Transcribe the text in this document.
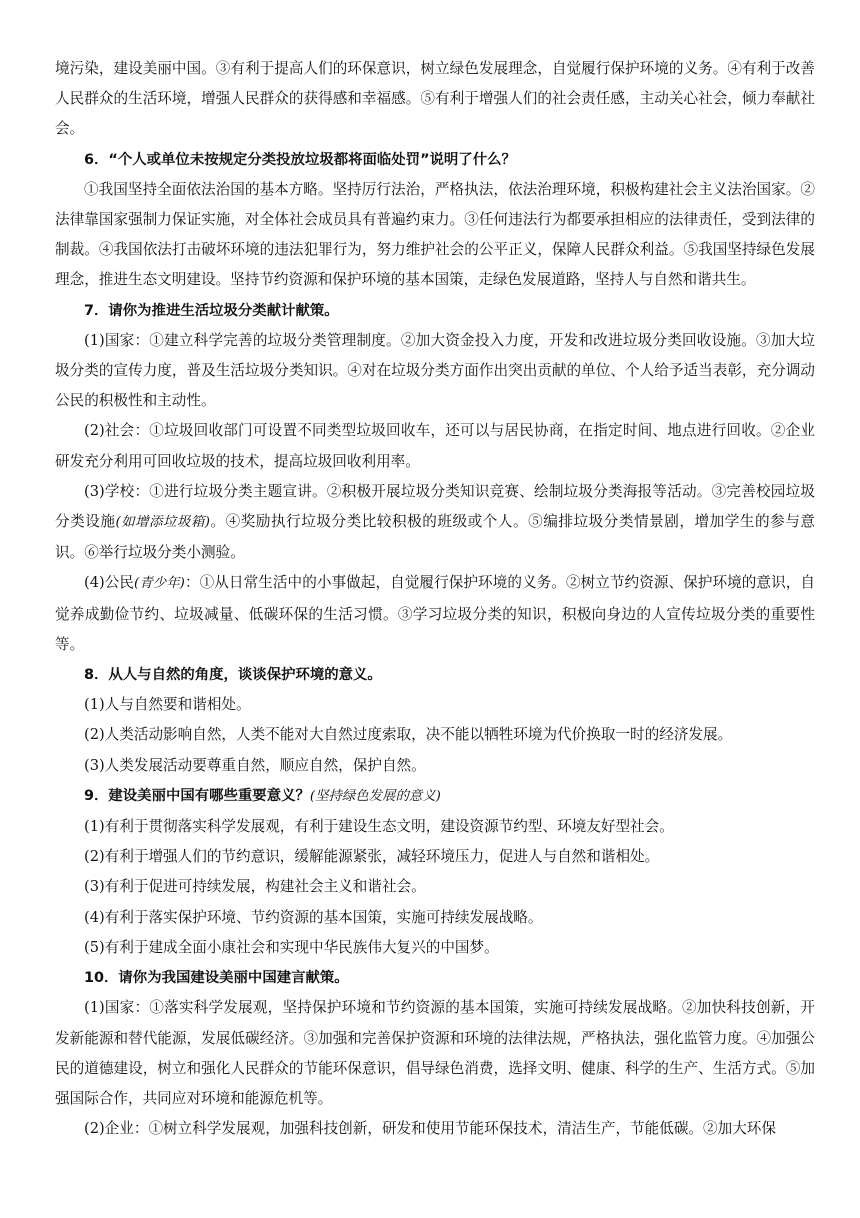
境污染，建设美丽中国。③有利于提高人们的环保意识，树立绿色发展理念，自觉履行保护环境的义务。④有利于改善人民群众的生活环境，增强人民群众的获得感和幸福感。⑤有利于增强人们的社会责任感，主动关心社会，倾力奉献社会。

6．“个人或单位未按规定分类投放垃圾都将面临处罚”说明了什么？

①我国坚持全面依法治国的基本方略。坚持厉行法治，严格执法，依法治理环境，积极构建社会主义法治国家。②法律靠国家强制力保证实施，对全体社会成员具有普遍约束力。③任何违法行为都要承担相应的法律责任，受到法律的制裁。④我国依法打击破坏环境的违法犯罪行为，努力维护社会的公平正义，保障人民群众利益。⑤我国坚持绿色发展理念，推进生态文明建设。坚持节约资源和保护环境的基本国策，走绿色发展道路，坚持人与自然和谐共生。

7．请你为推进生活垃圾分类献计献策。

(1)国家：①建立科学完善的垃圾分类管理制度。②加大资金投入力度，开发和改进垃圾分类回收设施。③加大垃圾分类的宣传力度，普及生活垃圾分类知识。④对在垃圾分类方面作出突出贡献的单位、个人给予适当表彰，充分调动公民的积极性和主动性。

(2)社会：①垃圾回收部门可设置不同类型垃圾回收车，还可以与居民协商，在指定时间、地点进行回收。②企业研发充分利用可回收垃圾的技术，提高垃圾回收利用率。

(3)学校：①进行垃圾分类主题宣讲。②积极开展垃圾分类知识竞赛、绘制垃圾分类海报等活动。③完善校园垃圾分类设施(如增添垃圾箱)。④奖励执行垃圾分类比较积极的班级或个人。⑤编排垃圾分类情景剧，增加学生的参与意识。⑥举行垃圾分类小测验。

(4)公民(青少年)：①从日常生活中的小事做起，自觉履行保护环境的义务。②树立节约资源、保护环境的意识，自觉养成勤俭节约、垃圾减量、低碳环保的生活习惯。③学习垃圾分类的知识，积极向身边的人宣传垃圾分类的重要性等。

8．从人与自然的角度，谈谈保护环境的意义。

(1)人与自然要和谐相处。

(2)人类活动影响自然，人类不能对大自然过度索取，决不能以牺牲环境为代价换取一时的经济发展。

(3)人类发展活动要尊重自然，顺应自然，保护自然。

9．建设美丽中国有哪些重要意义？(坚持绿色发展的意义)

(1)有利于贯彻落实科学发展观，有利于建设生态文明，建设资源节约型、环境友好型社会。

(2)有利于增强人们的节约意识，缓解能源紧张，减轻环境压力，促进人与自然和谐相处。

(3)有利于促进可持续发展，构建社会主义和谐社会。

(4)有利于落实保护环境、节约资源的基本国策，实施可持续发展战略。

(5)有利于建成全面小康社会和实现中华民族伟大复兴的中国梦。

10．请你为我国建设美丽中国建言献策。

(1)国家：①落实科学发展观，坚持保护环境和节约资源的基本国策，实施可持续发展战略。②加快科技创新，开发新能源和替代能源，发展低碳经济。③加强和完善保护资源和环境的法律法规，严格执法，强化监管力度。④加强公民的道德建设，树立和强化人民群众的节能环保意识，倡导绿色消费，选择文明、健康、科学的生产、生活方式。⑤加强国际合作，共同应对环境和能源危机等。

(2)企业：①树立科学发展观，加强科技创新，研发和使用节能环保技术，清洁生产，节能低碳。②加大环保
